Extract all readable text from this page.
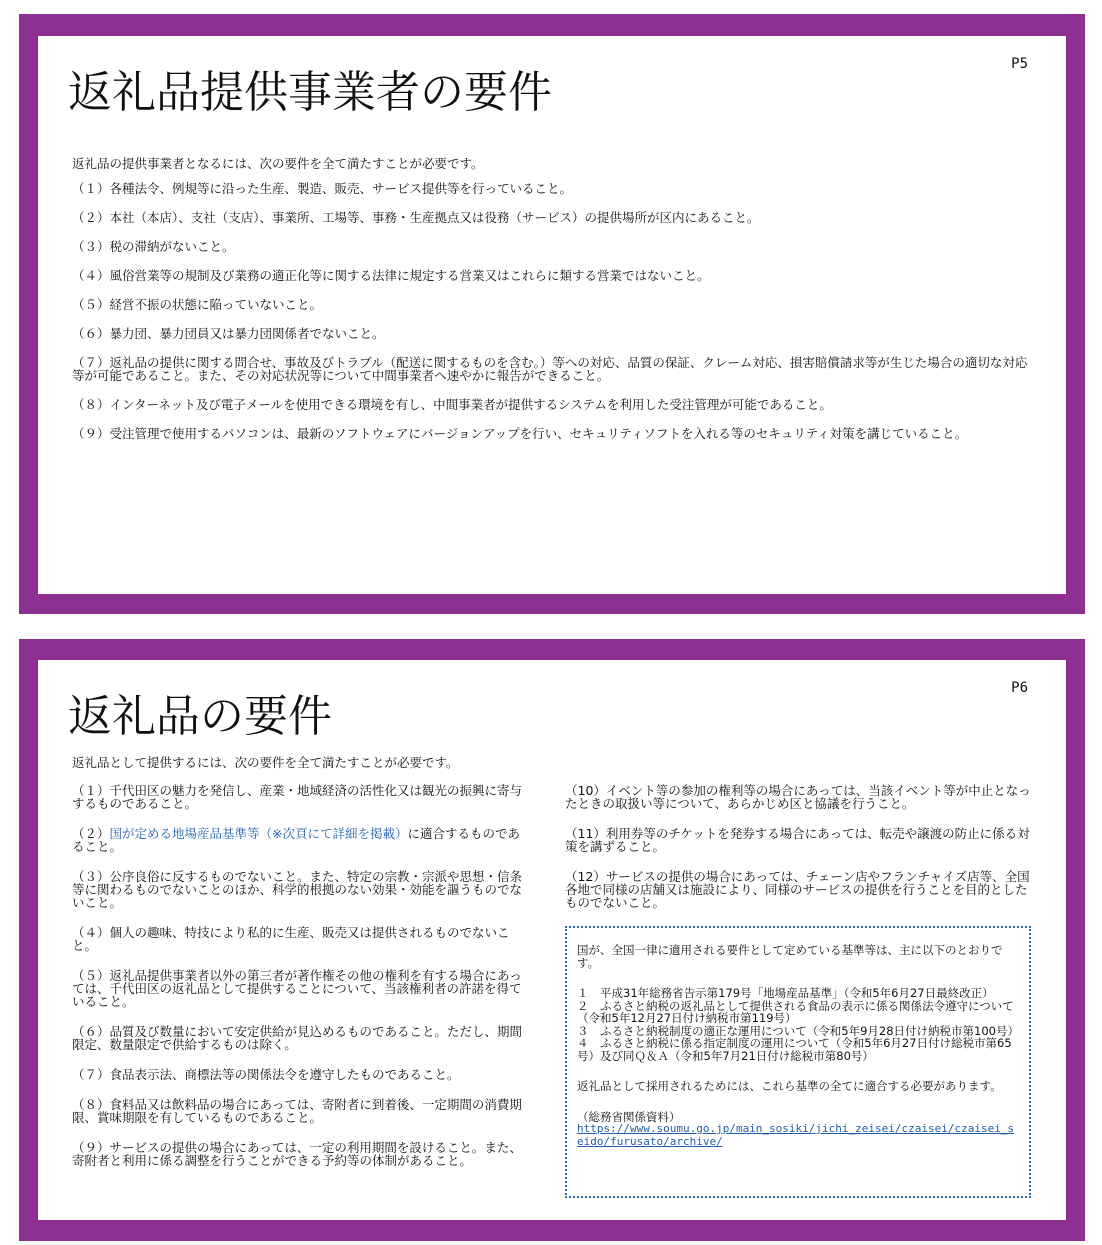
P5
返礼品提供事業者の要件
返礼品の提供事業者となるには、次の要件を全て満たすことが必要です。
（１）各種法令、例規等に沿った生産、製造、販売、サービス提供等を行っていること。
（２）本社（本店）、支社（支店）、事業所、工場等、事務・生産拠点又は役務（サービス）の提供場所が区内にあること。
（３）税の滞納がないこと。
（４）風俗営業等の規制及び業務の適正化等に関する法律に規定する営業又はこれらに類する営業ではないこと。
（５）経営不振の状態に陥っていないこと。
（６）暴力団、暴力団員又は暴力団関係者でないこと。
（７）返礼品の提供に関する問合せ、事故及びトラブル（配送に関するものを含む。）等への対応、品質の保証、クレーム対応、損害賠償請求等が生じた場合の適切な対応等が可能であること。また、その対応状況等について中間事業者へ速やかに報告ができること。
（８）インターネット及び電子メールを使用できる環境を有し、中間事業者が提供するシステムを利用した受注管理が可能であること。
（９）受注管理で使用するパソコンは、最新のソフトウェアにバージョンアップを行い、セキュリティソフトを入れる等のセキュリティ対策を講じていること。
P6
返礼品の要件
返礼品として提供するには、次の要件を全て満たすことが必要です。
（１）千代田区の魅力を発信し、産業・地域経済の活性化又は観光の振興に寄与するものであること。
（２）国が定める地場産品基準等（※次頁にて詳細を掲載）に適合するものであること。
（３）公序良俗に反するものでないこと。また、特定の宗教・宗派や思想・信条等に関わるものでないことのほか、科学的根拠のない効果・効能を謳うものでないこと。
（４）個人の趣味、特技により私的に生産、販売又は提供されるものでないこと。
（５）返礼品提供事業者以外の第三者が著作権その他の権利を有する場合にあっては、千代田区の返礼品として提供することについて、当該権利者の許諾を得ていること。
（６）品質及び数量において安定供給が見込めるものであること。ただし、期間限定、数量限定で供給するものは除く。
（７）食品表示法、商標法等の関係法令を遵守したものであること。
（８）食料品又は飲料品の場合にあっては、寄附者に到着後、一定期間の消費期限、賞味期限を有しているものであること。
（９）サービスの提供の場合にあっては、一定の利用期間を設けること。また、寄附者と利用に係る調整を行うことができる予約等の体制があること。
（10）イベント等の参加の権利等の場合にあっては、当該イベント等が中止となったときの取扱い等について、あらかじめ区と協議を行うこと。
（11）利用券等のチケットを発券する場合にあっては、転売や譲渡の防止に係る対策を講ずること。
（12）サービスの提供の場合にあっては、チェーン店やフランチャイズ店等、全国各地で同様の店舗又は施設により、同様のサービスの提供を行うことを目的としたものでないこと。

国が、全国一律に適用される要件として定めている基準等は、主に以下のとおりです。

１　平成31年総務省告示第179号「地場産品基準」（令和5年6月27日最終改正）
２　ふるさと納税の返礼品として提供される食品の表示に係る関係法令遵守について（令和5年12月27日付け納税市第119号）
３　ふるさと納税制度の適正な運用について（令和5年9月28日付け納税市第100号）
４　ふるさと納税に係る指定制度の運用について（令和5年6月27日付け総税市第65号）及び同Ｑ＆Ａ（令和5年7月21日付け総税市第80号）

返礼品として採用されるためには、これら基準の全てに適合する必要があります。

（総務省関係資料）

https://www.soumu.go.jp/main_sosiki/jichi_zeisei/czaisei/czaisei_seido/furusato/archive/
